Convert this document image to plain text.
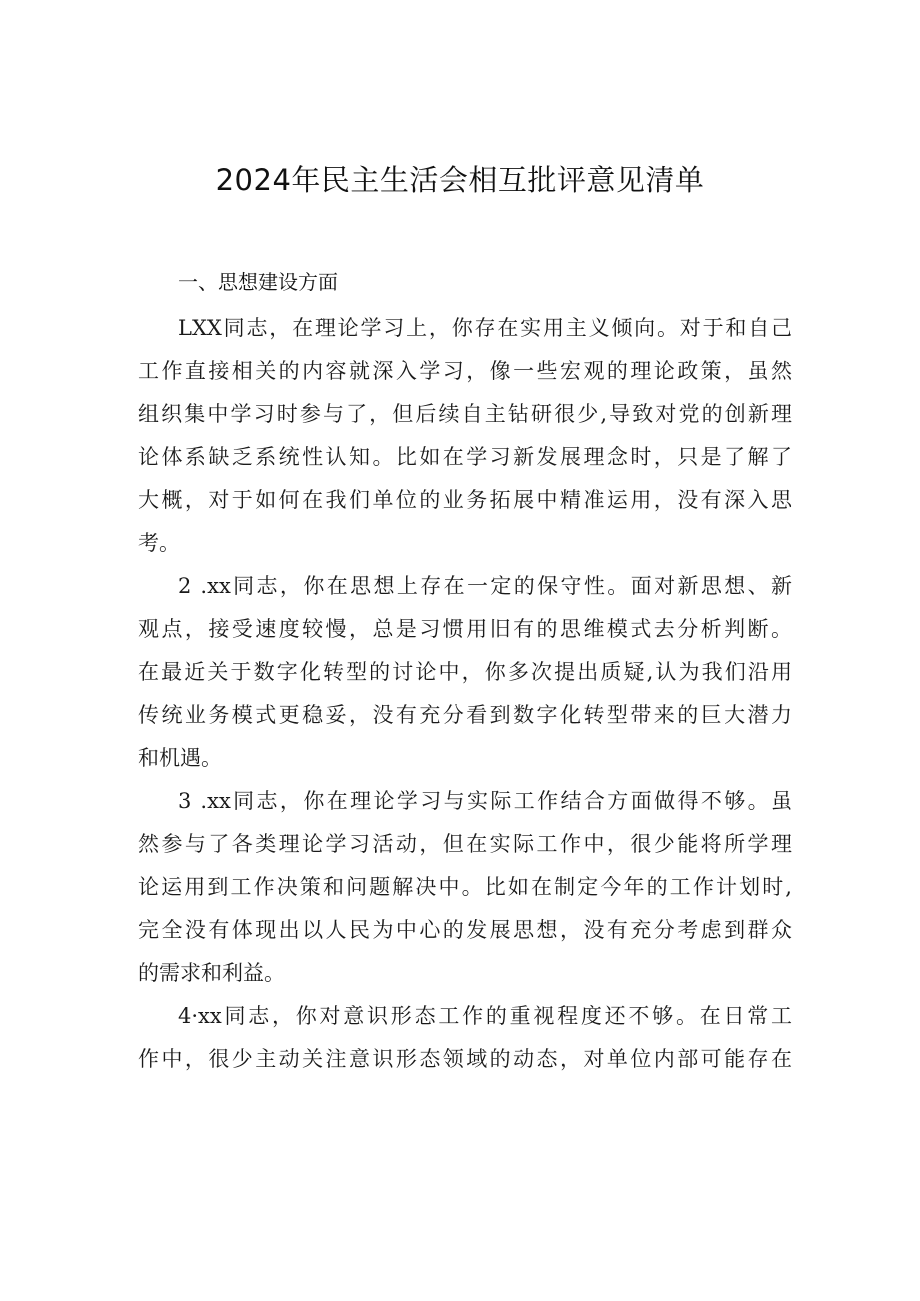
2024年民主生活会相互批评意见清单
一、思想建设方面
LXX同志，在理论学习上，你存在实用主义倾向。对于和自己
工作直接相关的内容就深入学习，像一些宏观的理论政策，虽然
组织集中学习时参与了，但后续自主钻研很少,导致对党的创新理
论体系缺乏系统性认知。比如在学习新发展理念时，只是了解了
大概，对于如何在我们单位的业务拓展中精准运用，没有深入思
考。
2 .xx同志，你在思想上存在一定的保守性。面对新思想、新
观点，接受速度较慢，总是习惯用旧有的思维模式去分析判断。
在最近关于数字化转型的讨论中，你多次提出质疑,认为我们沿用
传统业务模式更稳妥，没有充分看到数字化转型带来的巨大潜力
和机遇。
3 .xx同志，你在理论学习与实际工作结合方面做得不够。虽
然参与了各类理论学习活动，但在实际工作中，很少能将所学理
论运用到工作决策和问题解决中。比如在制定今年的工作计划时,
完全没有体现出以人民为中心的发展思想，没有充分考虑到群众
的需求和利益。
4·xx同志，你对意识形态工作的重视程度还不够。在日常工
作中，很少主动关注意识形态领域的动态，对单位内部可能存在
